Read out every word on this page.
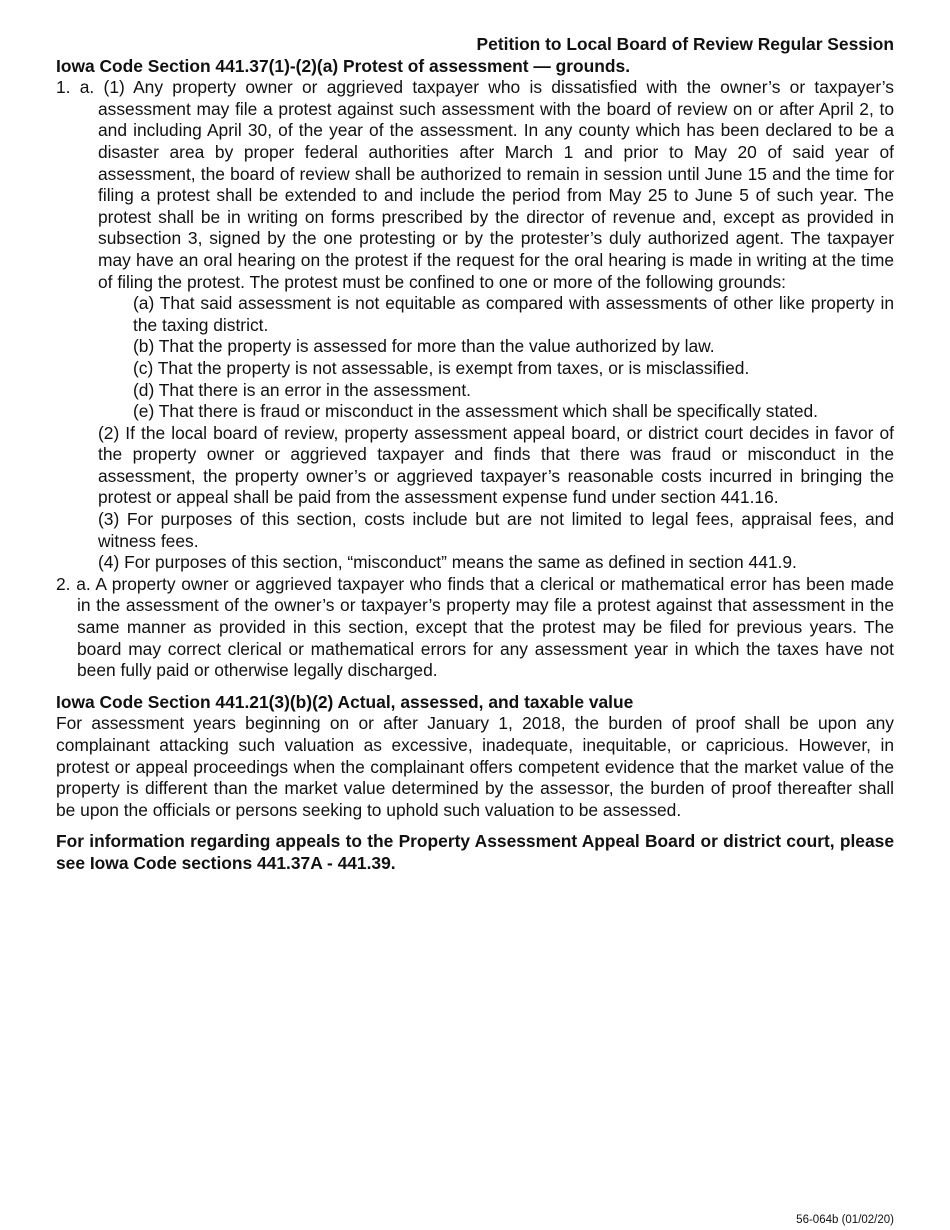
Petition to Local Board of Review Regular Session

Iowa Code Section 441.37(1)-(2)(a) Protest of assessment — grounds.

1. a. (1) Any property owner or aggrieved taxpayer who is dissatisfied with the owner’s or taxpayer’s assessment may file a protest against such assessment with the board of review on or after April 2, to and including April 30, of the year of the assessment. In any county which has been declared to be a disaster area by proper federal authorities after March 1 and prior to May 20 of said year of assessment, the board of review shall be authorized to remain in session until June 15 and the time for filing a protest shall be extended to and include the period from May 25 to June 5 of such year. The protest shall be in writing on forms prescribed by the director of revenue and, except as provided in subsection 3, signed by the one protesting or by the protester’s duly authorized agent. The taxpayer may have an oral hearing on the protest if the request for the oral hearing is made in writing at the time of filing the protest. The protest must be confined to one or more of the following grounds:

(a) That said assessment is not equitable as compared with assessments of other like property in the taxing district.

(b) That the property is assessed for more than the value authorized by law.

(c) That the property is not assessable, is exempt from taxes, or is misclassified.

(d) That there is an error in the assessment.

(e) That there is fraud or misconduct in the assessment which shall be specifically stated.

(2) If the local board of review, property assessment appeal board, or district court decides in favor of the property owner or aggrieved taxpayer and finds that there was fraud or misconduct in the assessment, the property owner’s or aggrieved taxpayer’s reasonable costs incurred in bringing the protest or appeal shall be paid from the assessment expense fund under section 441.16.

(3) For purposes of this section, costs include but are not limited to legal fees, appraisal fees, and witness fees.

(4) For purposes of this section, “misconduct” means the same as defined in section 441.9.

2. a. A property owner or aggrieved taxpayer who finds that a clerical or mathematical error has been made in the assessment of the owner’s or taxpayer’s property may file a protest against that assessment in the same manner as provided in this section, except that the protest may be filed for previous years. The board may correct clerical or mathematical errors for any assessment year in which the taxes have not been fully paid or otherwise legally discharged.

Iowa Code Section 441.21(3)(b)(2) Actual, assessed, and taxable value

For assessment years beginning on or after January 1, 2018, the burden of proof shall be upon any complainant attacking such valuation as excessive, inadequate, inequitable, or capricious. However, in protest or appeal proceedings when the complainant offers competent evidence that the market value of the property is different than the market value determined by the assessor, the burden of proof thereafter shall be upon the officials or persons seeking to uphold such valuation to be assessed.

For information regarding appeals to the Property Assessment Appeal Board or district court, please see Iowa Code sections 441.37A - 441.39.

56-064b (01/02/20)
